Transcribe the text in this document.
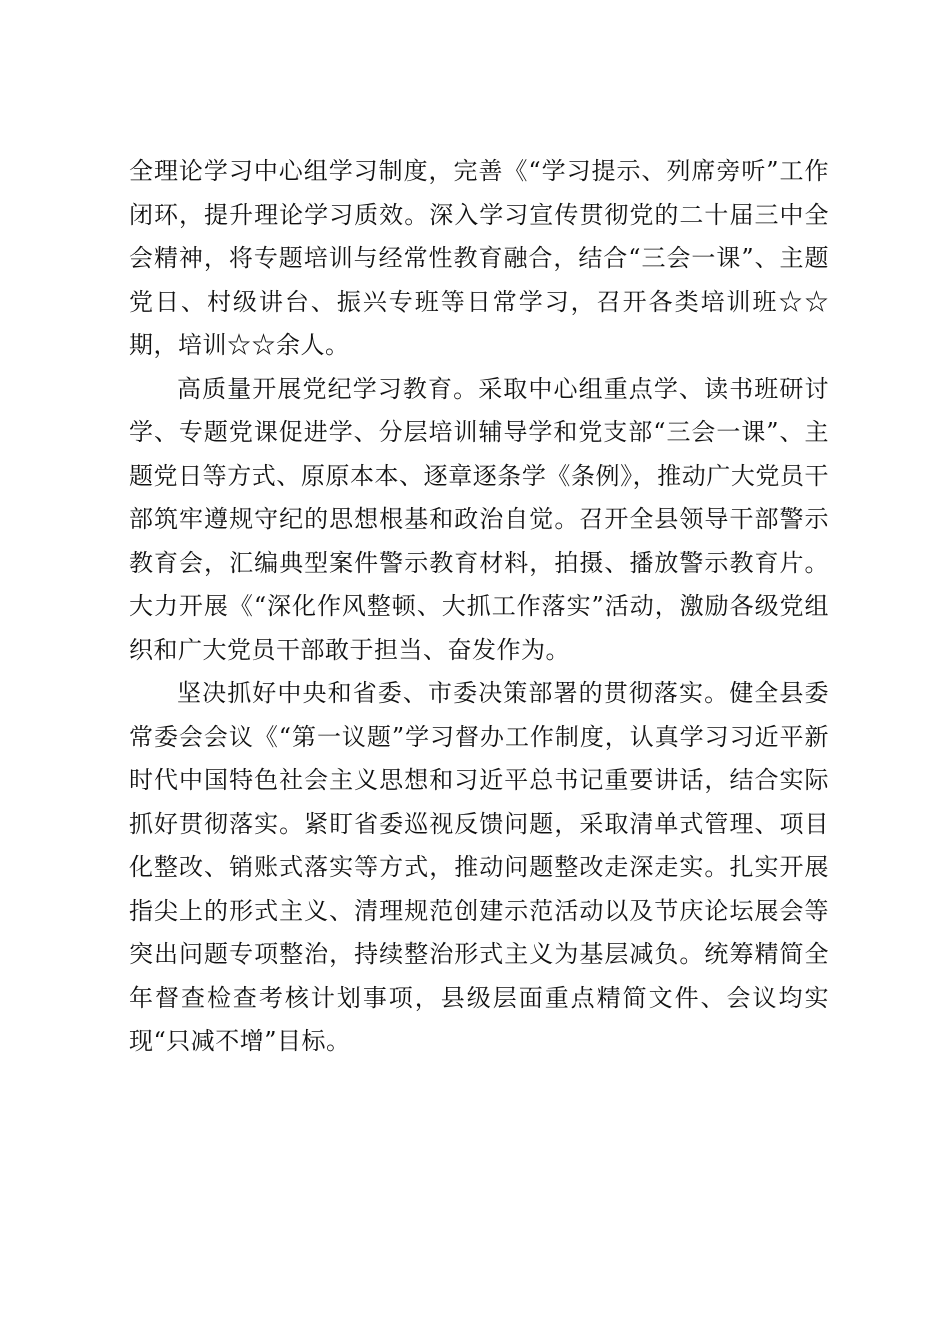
全理论学习中心组学习制度，完善《“学习提示、列席旁听”工作闭环，提升理论学习质效。深入学习宣传贯彻党的二十届三中全会精神，将专题培训与经常性教育融合，结合“三会一课”、主题党日、村级讲台、振兴专班等日常学习，召开各类培训班☆☆期，培训☆☆余人。

高质量开展党纪学习教育。采取中心组重点学、读书班研讨学、专题党课促进学、分层培训辅导学和党支部“三会一课”、主题党日等方式、原原本本、逐章逐条学《条例》，推动广大党员干部筑牢遵规守纪的思想根基和政治自觉。召开全县领导干部警示教育会，汇编典型案件警示教育材料，拍摄、播放警示教育片。大力开展《“深化作风整顿、大抓工作落实”活动，激励各级党组织和广大党员干部敢于担当、奋发作为。

坚决抓好中央和省委、市委决策部署的贯彻落实。健全县委常委会会议《“第一议题”学习督办工作制度，认真学习习近平新时代中国特色社会主义思想和习近平总书记重要讲话，结合实际抓好贯彻落实。紧盯省委巡视反馈问题，采取清单式管理、项目化整改、销账式落实等方式，推动问题整改走深走实。扎实开展指尖上的形式主义、清理规范创建示范活动以及节庆论坛展会等突出问题专项整治，持续整治形式主义为基层减负。统筹精简全年督查检查考核计划事项，县级层面重点精简文件、会议均实现“只减不增”目标。
